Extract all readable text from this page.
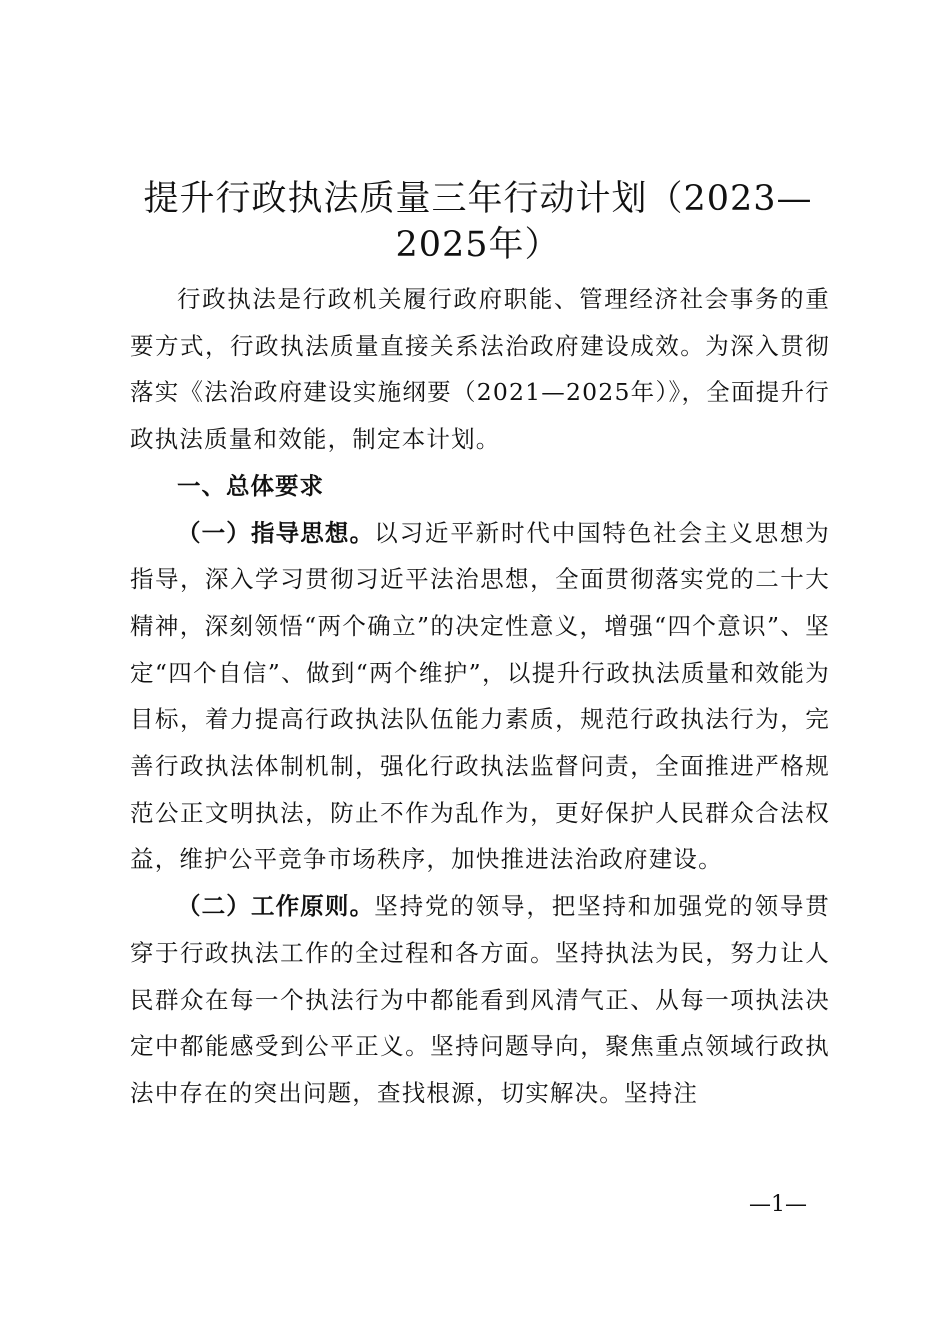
提升行政执法质量三年行动计划（2023—2025年）

行政执法是行政机关履行政府职能、管理经济社会事务的重要方式，行政执法质量直接关系法治政府建设成效。为深入贯彻落实《法治政府建设实施纲要（2021—2025年）》，全面提升行政执法质量和效能，制定本计划。

一、总体要求

（一）指导思想。以习近平新时代中国特色社会主义思想为指导，深入学习贯彻习近平法治思想，全面贯彻落实党的二十大精神，深刻领悟“两个确立”的决定性意义，增强“四个意识”、坚定“四个自信”、做到“两个维护”，以提升行政执法质量和效能为目标，着力提高行政执法队伍能力素质，规范行政执法行为，完善行政执法体制机制，强化行政执法监督问责，全面推进严格规范公正文明执法，防止不作为乱作为，更好保护人民群众合法权益，维护公平竞争市场秩序，加快推进法治政府建设。

（二）工作原则。坚持党的领导，把坚持和加强党的领导贯穿于行政执法工作的全过程和各方面。坚持执法为民，努力让人民群众在每一个执法行为中都能看到风清气正、从每一项执法决定中都能感受到公平正义。坚持问题导向，聚焦重点领域行政执法中存在的突出问题，查找根源，切实解决。坚持注

—1—
